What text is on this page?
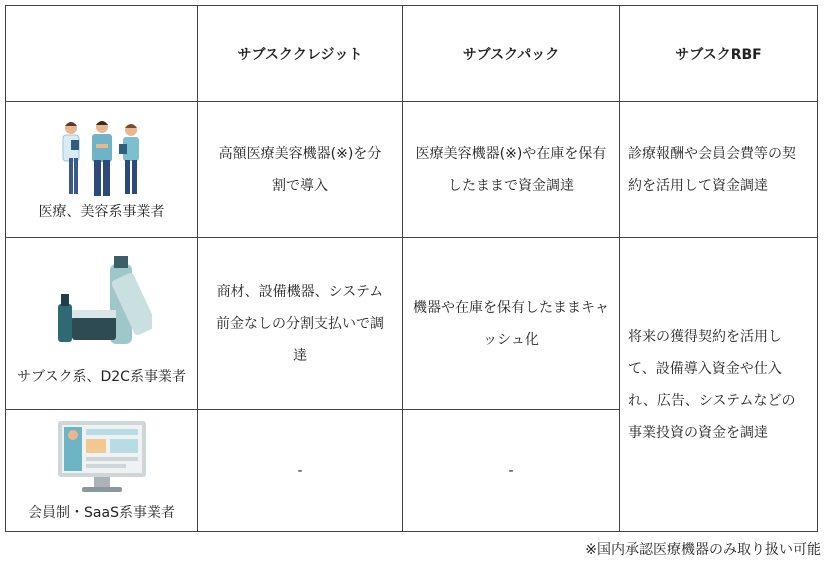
	サブスククレジット	サブスクパック	サブスクRBF

医療、美容系事業者	高額医療美容機器(※)を分割で導入	医療美容機器(※)や在庫を保有したままで資金調達	診療報酬や会員会費等の契約を活用して資金調達

サブスク系、D2C系事業者	商材、設備機器、システム前金なしの分割支払いで調達	機器や在庫を保有したままキャッシュ化	将来の獲得契約を活用して、設備導入資金や仕入れ、広告、システムなどの事業投資の資金を調達

会員制・SaaS系事業者	-	-	
※国内承認医療機器のみ取り扱い可能
